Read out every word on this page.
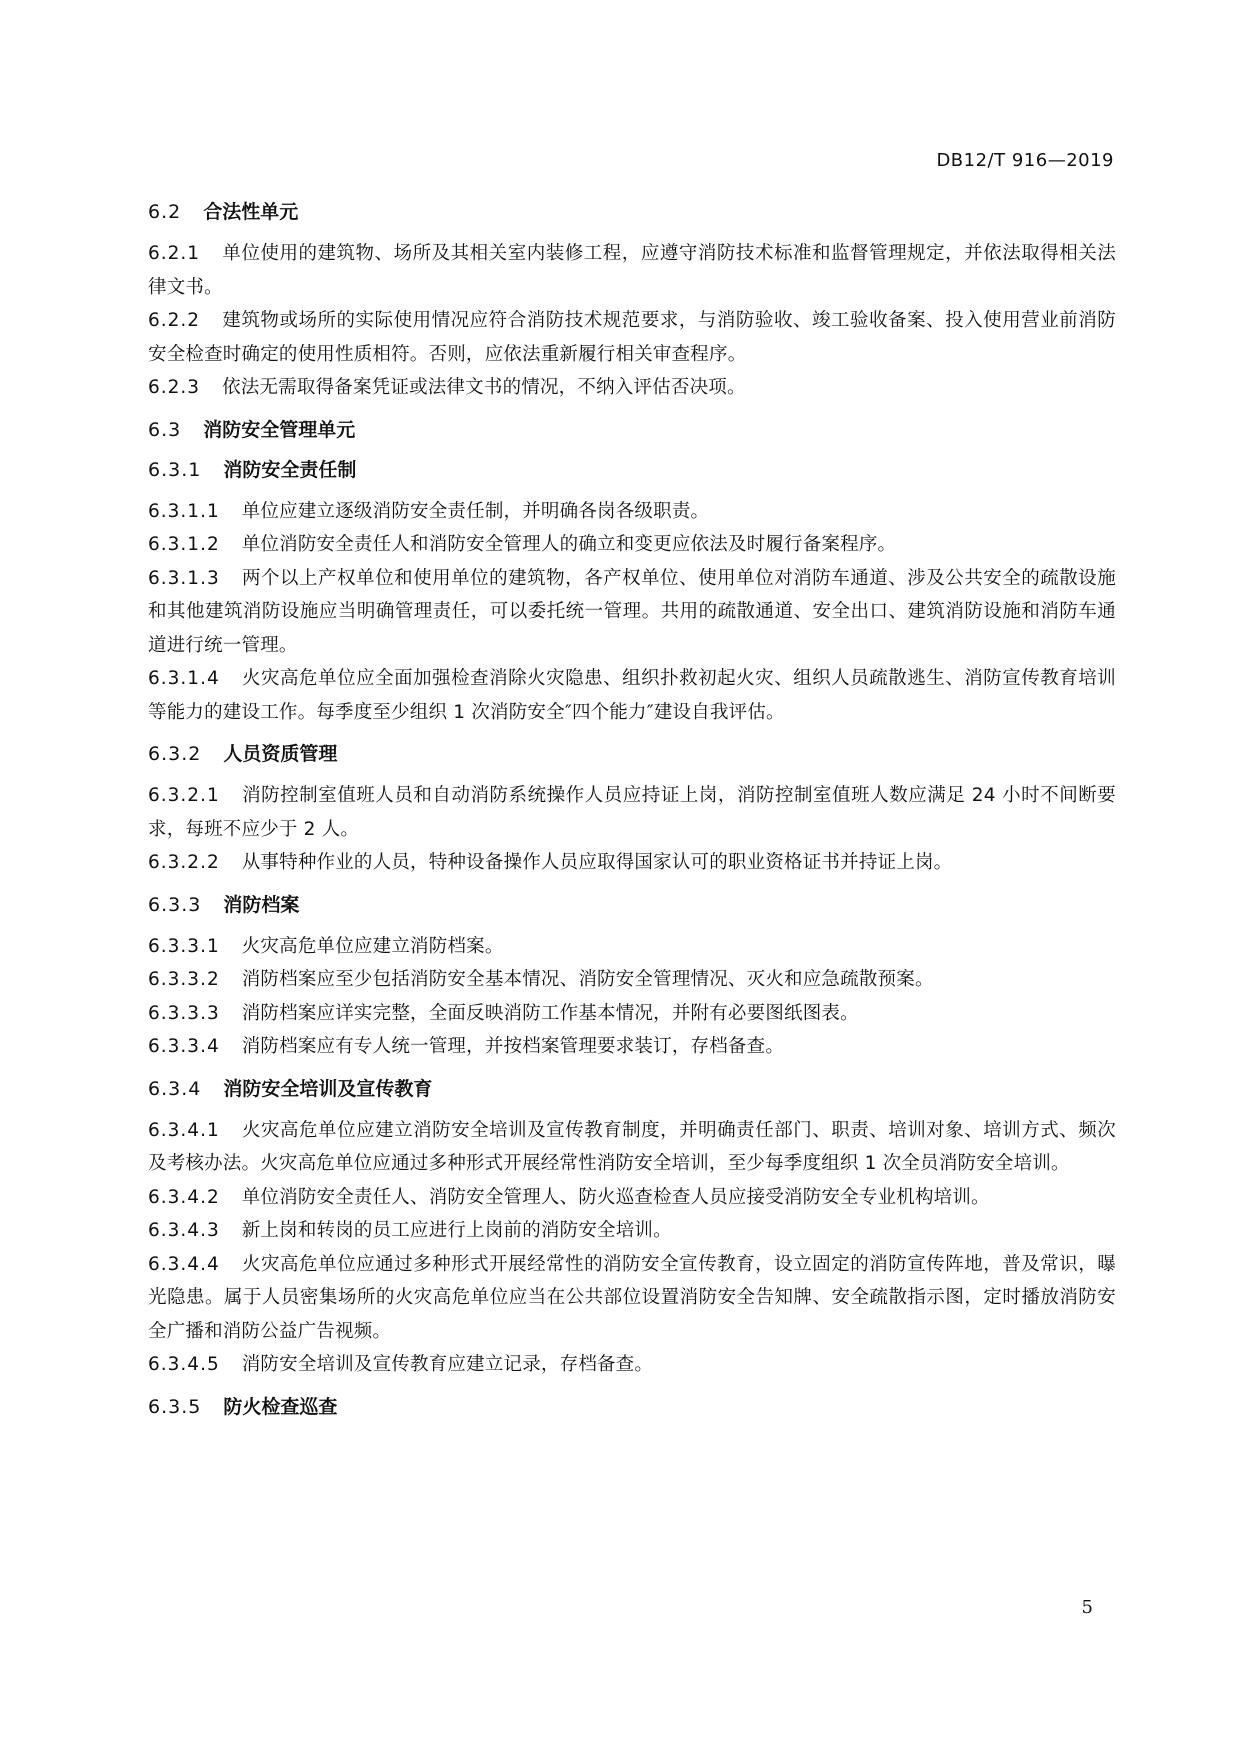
DB12/T 916—2019

6.2 合法性单元

6.2.1 单位使用的建筑物、场所及其相关室内装修工程，应遵守消防技术标准和监督管理规定，并依法取得相关法律文书。

6.2.2 建筑物或场所的实际使用情况应符合消防技术规范要求，与消防验收、竣工验收备案、投入使用营业前消防安全检查时确定的使用性质相符。否则，应依法重新履行相关审查程序。

6.2.3 依法无需取得备案凭证或法律文书的情况，不纳入评估否决项。

6.3 消防安全管理单元

6.3.1 消防安全责任制

6.3.1.1 单位应建立逐级消防安全责任制，并明确各岗各级职责。

6.3.1.2 单位消防安全责任人和消防安全管理人的确立和变更应依法及时履行备案程序。

6.3.1.3 两个以上产权单位和使用单位的建筑物，各产权单位、使用单位对消防车通道、涉及公共安全的疏散设施和其他建筑消防设施应当明确管理责任，可以委托统一管理。共用的疏散通道、安全出口、建筑消防设施和消防车通道进行统一管理。

6.3.1.4 火灾高危单位应全面加强检查消除火灾隐患、组织扑救初起火灾、组织人员疏散逃生、消防宣传教育培训等能力的建设工作。每季度至少组织 1 次消防安全″四个能力″建设自我评估。

6.3.2 人员资质管理

6.3.2.1 消防控制室值班人员和自动消防系统操作人员应持证上岗，消防控制室值班人数应满足 24 小时不间断要求，每班不应少于 2 人。

6.3.2.2 从事特种作业的人员，特种设备操作人员应取得国家认可的职业资格证书并持证上岗。

6.3.3 消防档案

6.3.3.1 火灾高危单位应建立消防档案。

6.3.3.2 消防档案应至少包括消防安全基本情况、消防安全管理情况、灭火和应急疏散预案。

6.3.3.3 消防档案应详实完整，全面反映消防工作基本情况，并附有必要图纸图表。

6.3.3.4 消防档案应有专人统一管理，并按档案管理要求装订，存档备查。

6.3.4 消防安全培训及宣传教育

6.3.4.1 火灾高危单位应建立消防安全培训及宣传教育制度，并明确责任部门、职责、培训对象、培训方式、频次及考核办法。火灾高危单位应通过多种形式开展经常性消防安全培训，至少每季度组织 1 次全员消防安全培训。

6.3.4.2 单位消防安全责任人、消防安全管理人、防火巡查检查人员应接受消防安全专业机构培训。

6.3.4.3 新上岗和转岗的员工应进行上岗前的消防安全培训。

6.3.4.4 火灾高危单位应通过多种形式开展经常性的消防安全宣传教育，设立固定的消防宣传阵地，普及常识，曝光隐患。属于人员密集场所的火灾高危单位应当在公共部位设置消防安全告知牌、安全疏散指示图，定时播放消防安全广播和消防公益广告视频。

6.3.4.5 消防安全培训及宣传教育应建立记录，存档备查。

6.3.5 防火检查巡查

5
